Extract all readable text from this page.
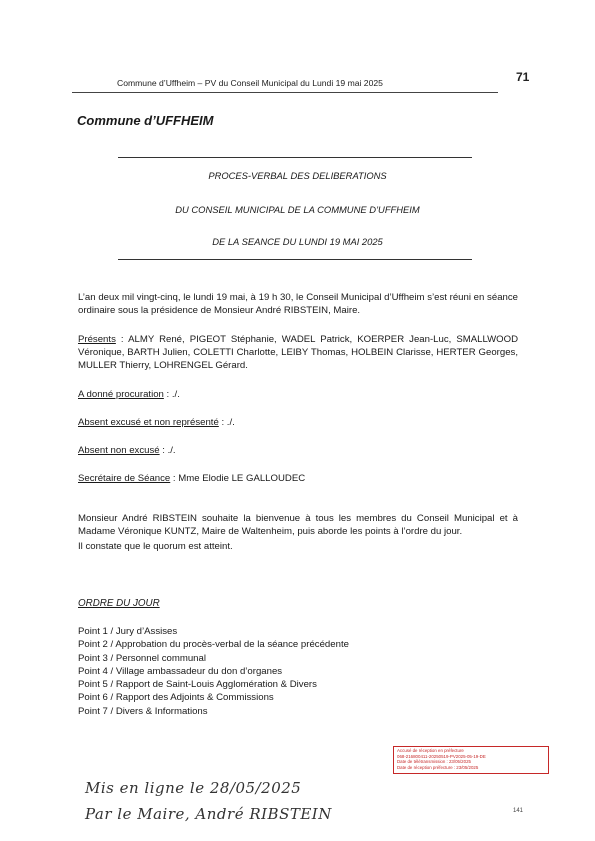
Commune d’Uffheim – PV du Conseil Municipal du Lundi 19 mai 2025	71
Commune d’UFFHEIM
PROCES-VERBAL DES DELIBERATIONS
DU CONSEIL MUNICIPAL DE LA COMMUNE D’UFFHEIM
DE LA SEANCE DU LUNDI 19 MAI 2025
L’an deux mil vingt-cinq, le lundi 19 mai, à 19 h 30, le Conseil Municipal d’Uffheim s’est réuni en séance ordinaire sous la présidence de Monsieur André RIBSTEIN, Maire.
Présents : ALMY René, PIGEOT Stéphanie, WADEL Patrick, KOERPER Jean-Luc, SMALLWOOD Véronique, BARTH Julien, COLETTI Charlotte, LEIBY Thomas, HOLBEIN Clarisse, HERTER Georges, MULLER Thierry, LOHRENGEL Gérard.
A donné procuration : ./.
Absent excusé et non représenté : ./.
Absent non excusé : ./.
Secrétaire de Séance : Mme Elodie LE GALLOUDEC
Monsieur André RIBSTEIN souhaite la bienvenue à tous les membres du Conseil Municipal et à Madame Véronique KUNTZ, Maire de Waltenheim, puis aborde les points à l’ordre du jour.
Il constate que le quorum est atteint.
ORDRE DU JOUR
Point 1 / Jury d’Assises
Point 2 / Approbation du procès-verbal de la séance précédente
Point 3 / Personnel communal
Point 4 / Village ambassadeur du don d’organes
Point 5 / Rapport de Saint-Louis Agglomération & Divers
Point 6 / Rapport des Adjoints & Commissions
Point 7 / Divers & Informations
Accusé de réception en préfecture
068-216800411-20250519-PV2025-05-19-DE
Date de télétransmission : 23/05/2025
Date de réception préfecture : 23/05/2025
Mis en ligne le 28/05/2025
Par le Maire, André RIBSTEIN	141
